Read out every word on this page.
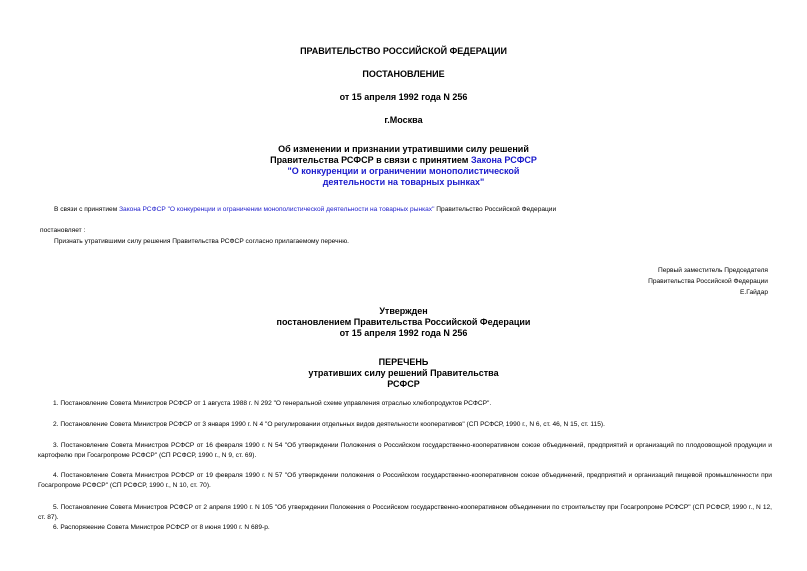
ПРАВИТЕЛЬСТВО РОССИЙСКОЙ ФЕДЕРАЦИИ
ПОСТАНОВЛЕНИЕ
от 15 апреля 1992 года N 256
г.Москва
Об изменении и признании утратившими силу решений
Правительства РСФСР в связи с принятием Закона РСФСР
"О конкуренции и ограничении монополистической
деятельности на товарных рынках"
В связи с принятием Закона РСФСР "О конкуренции и ограничении монополистической деятельности на товарных рынках" Правительство Российской Федерации
постановляет :
Признать утратившими силу решения Правительства РСФСР согласно прилагаемому перечню.
Первый заместитель Председателя
Правительства Российской Федерации
Е.Гайдар
Утвержден
постановлением Правительства Российской Федерации
от 15 апреля 1992 года N 256
ПЕРЕЧЕНЬ
утративших силу решений Правительства
РСФСР
1. Постановление Совета Министров РСФСР от 1 августа 1988 г. N 292 "О генеральной схеме управления отраслью хлебопродуктов РСФСР".
2. Постановление Совета Министров РСФСР от 3 января 1990 г. N 4 "О регулировании отдельных видов деятельности кооперативов" (СП РСФСР, 1990 г., N 6, ст. 46, N 15, ст. 115).
3. Постановление Совета Министров РСФСР от 16 февраля 1990 г. N 54 "Об утверждении Положения о Российском государственно-кооперативном союзе объединений, предприятий и организаций по плодоовощной продукции и картофелю при Госагропроме РСФСР" (СП РСФСР, 1990 г., N 9, ст. 69).
4. Постановление Совета Министров РСФСР от 19 февраля 1990 г. N 57 "Об утверждении положения о Российском государственно-кооперативном союзе объединений, предприятий и организаций пищевой промышленности при Госагропроме РСФСР" (СП РСФСР, 1990 г., N 10, ст. 70).
5. Постановление Совета Министров РСФСР от 2 апреля 1990 г. N 105 "Об утверждении Положения о Российском государственно-кооперативном объединении по строительству при Госагропроме РСФСР" (СП РСФСР, 1990 г., N 12, ст. 87).
6. Распоряжение Совета Министров РСФСР от 8 июня 1990 г. N 689-р.
